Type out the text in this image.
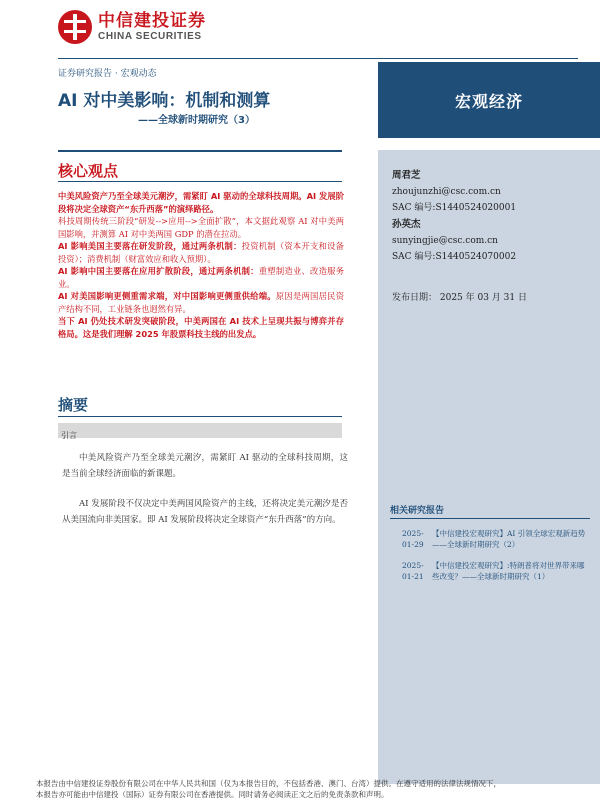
中信建投证券
CHINA SECURITIES
证券研究报告 · 宏观动态
AI 对中美影响：机制和测算
——全球新时期研究（3）
宏观经济
周君芝
zhoujunzhi@csc.com.cn
SAC 编号:S1440524020001
孙英杰
sunyingjie@csc.com.cn
SAC 编号:S1440524070002
发布日期： 2025 年 03 月 31 日
相关研究报告
2025-01-29
【中信建投宏观研究】AI 引领全球宏观新趋势——全球新时期研究（2）
2025-01-21
【中信建投宏观研究】:特朗普将对世界带来哪些改变？——全球新时期研究（1）
核心观点

中美风险资产乃至全球美元潮汐，需紧盯 AI 驱动的全球科技周期。AI 发展阶段将决定全球资产“东升西落”的演绎路径。

科技周期传统三阶段“研发-->应用-->全面扩散”，本文据此观察 AI 对中美两国影响，并测算 AI 对中美两国 GDP 的潜在拉动。

AI 影响美国主要落在研发阶段，通过两条机制：投资机制（资本开支和设备投资）；消费机制（财富效应和收入预期）。

AI 影响中国主要落在应用扩散阶段，通过两条机制：重塑制造业、改造服务业。

AI 对美国影响更侧重需求端，对中国影响更侧重供给端。原因是两国居民资产结构不同，工业链条也迥然有异。

当下 AI 仍处技术研发突破阶段，中美两国在 AI 技术上呈现共振与博弈并存格局。这是我们理解 2025 年股票科技主线的出发点。

摘要
引言
中美风险资产乃至全球美元潮汐，需紧盯 AI 驱动的全球科技周期，这是当前全球经济面临的新课题。
AI 发展阶段不仅决定中美两国风险资产的主线，还将决定美元潮汐是否从美国流向非美国家。即 AI 发展阶段将决定全球资产“东升西落”的方向。
本报告由中信建投证券股份有限公司在中华人民共和国（仅为本报告目的，不包括香港、澳门、台湾）提供。在遵守适用的法律法规情况下，
本报告亦可能由中信建投（国际）证券有限公司在香港提供。同时请务必阅读正文之后的免责条款和声明。
